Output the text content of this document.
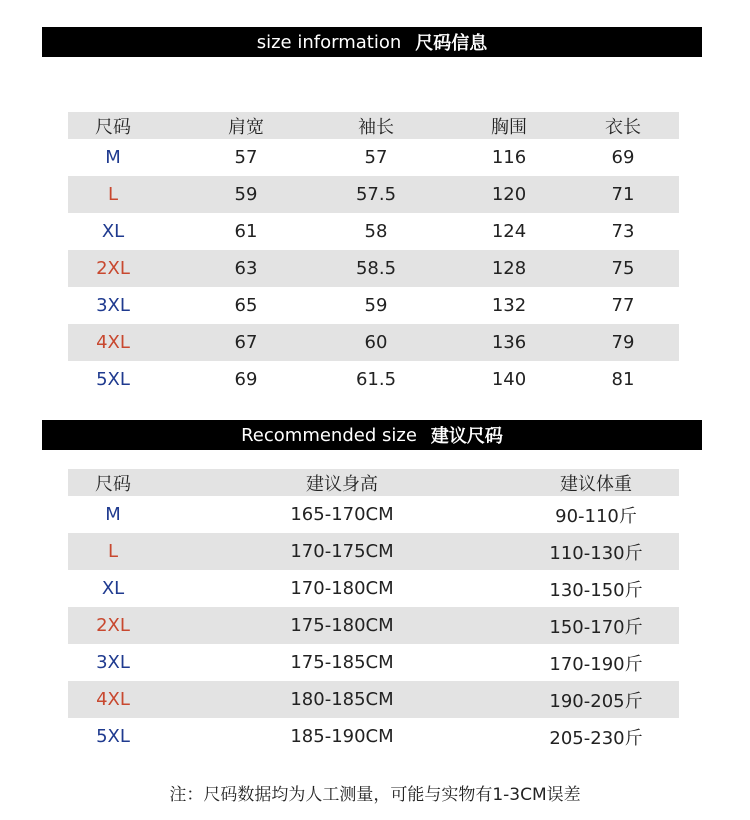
size information 尺码信息
尺码	肩宽	袖长	胸围	衣长
M	57	57	116	69
L	59	57.5	120	71
XL	61	58	124	73
2XL	63	58.5	128	75
3XL	65	59	132	77
4XL	67	60	136	79
5XL	69	61.5	140	81
Recommended size 建议尺码
尺码	建议身高	建议体重
M	165-170CM	90-110斤
L	170-175CM	110-130斤
XL	170-180CM	130-150斤
2XL	175-180CM	150-170斤
3XL	175-185CM	170-190斤
4XL	180-185CM	190-205斤
5XL	185-190CM	205-230斤
注：尺码数据均为人工测量，可能与实物有1-3CM误差
